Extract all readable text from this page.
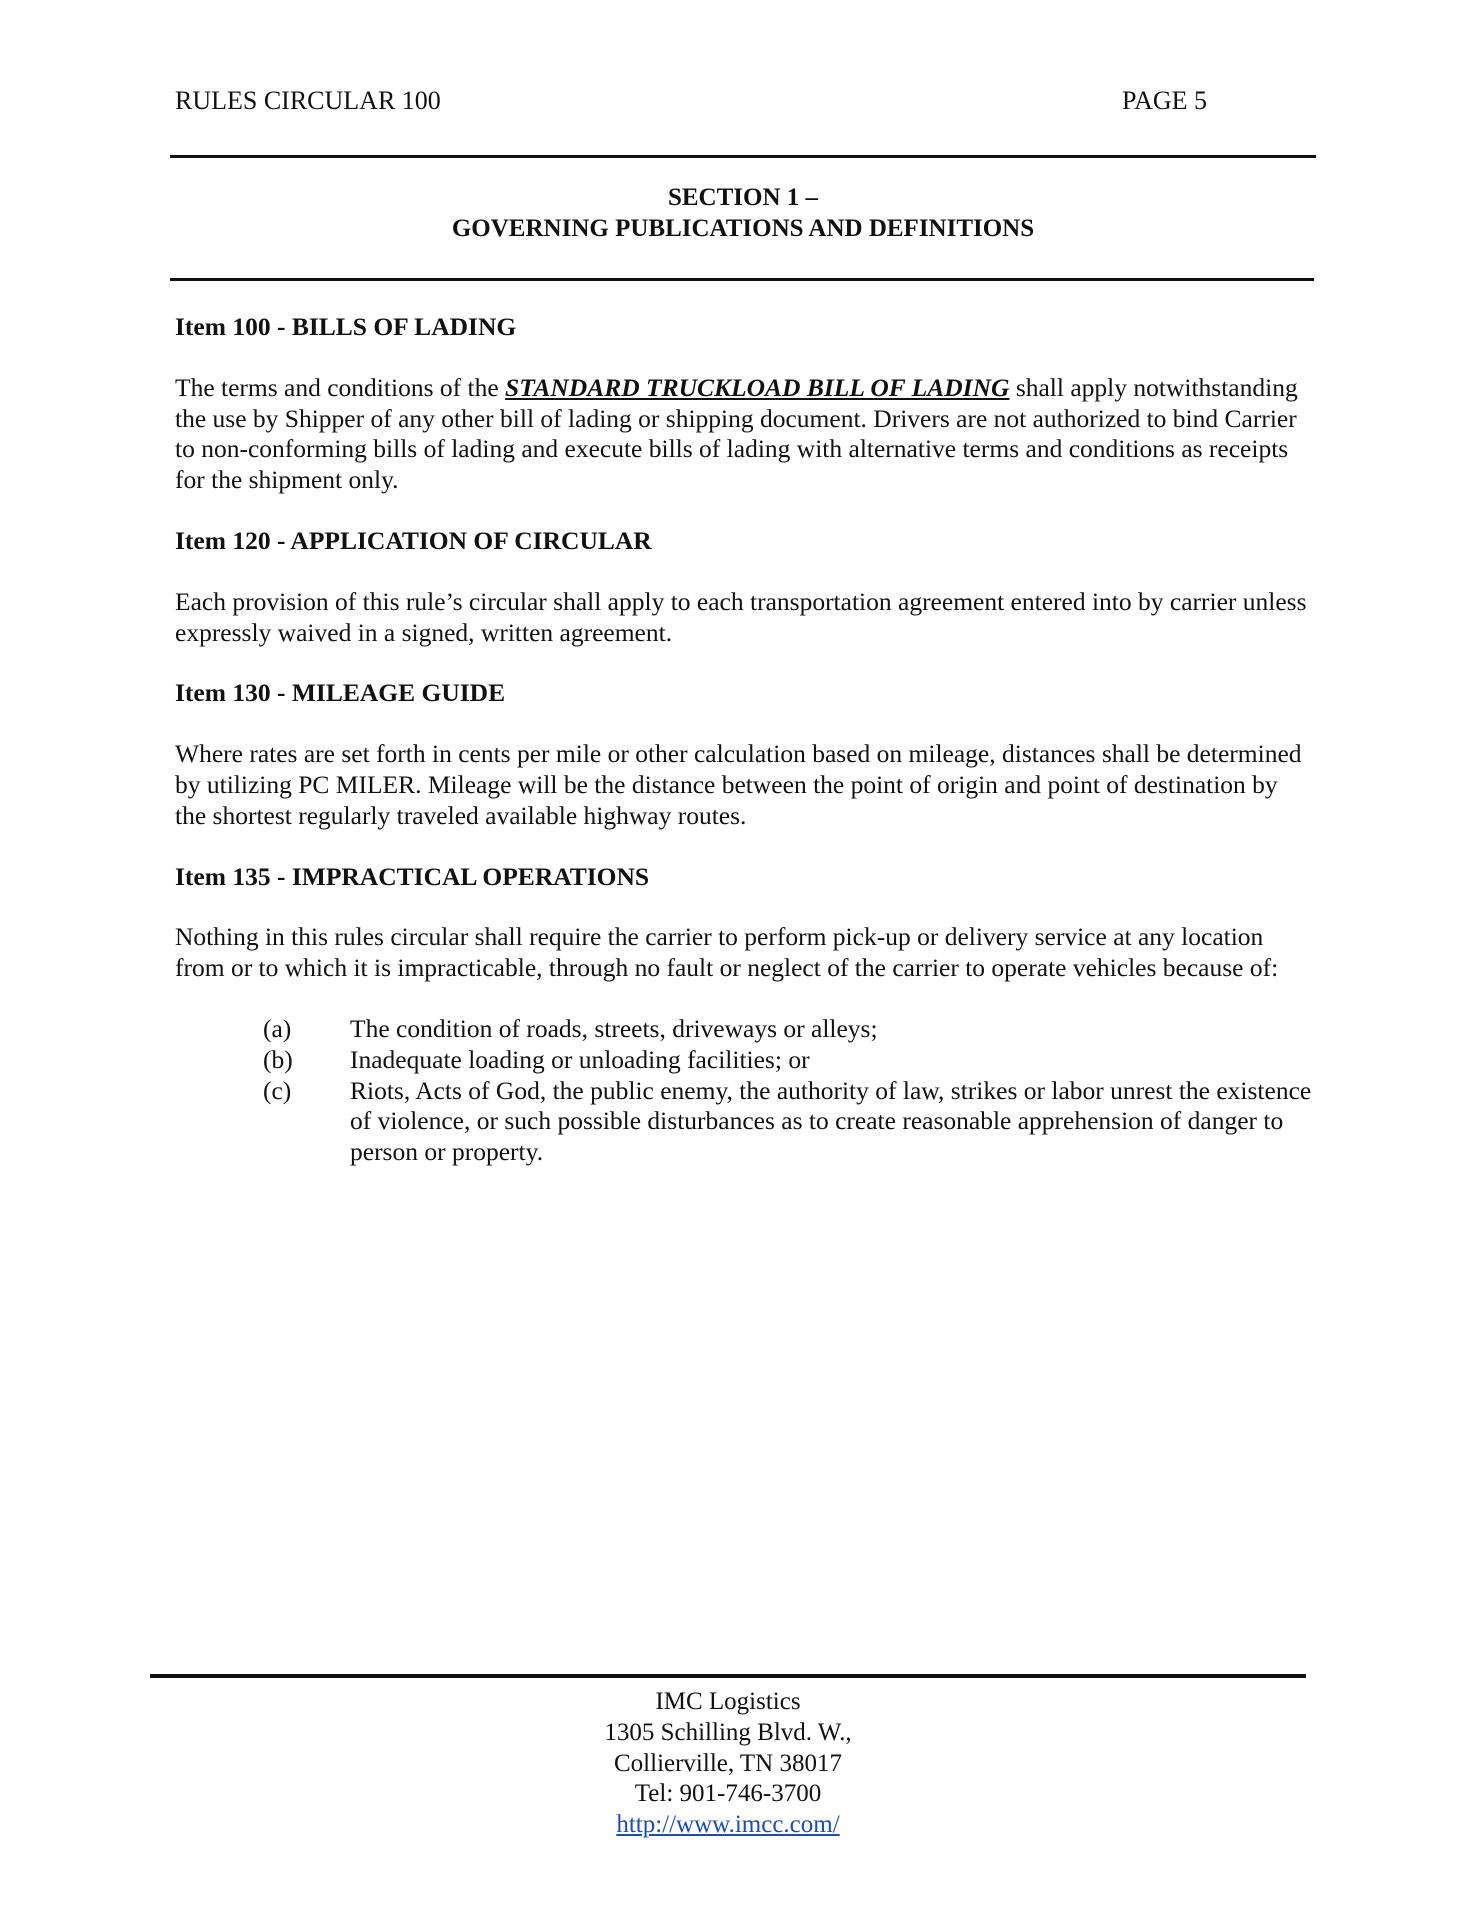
RULES CIRCULAR 100	PAGE 5
SECTION 1 –
GOVERNING PUBLICATIONS AND DEFINITIONS

Item 100 - BILLS OF LADING

The terms and conditions of the STANDARD TRUCKLOAD BILL OF LADING shall apply notwithstanding the use by Shipper of any other bill of lading or shipping document. Drivers are not authorized to bind Carrier to non-conforming bills of lading and execute bills of lading with alternative terms and conditions as receipts for the shipment only.

Item 120 - APPLICATION OF CIRCULAR

Each provision of this rule’s circular shall apply to each transportation agreement entered into by carrier unless expressly waived in a signed, written agreement.

Item 130 - MILEAGE GUIDE

Where rates are set forth in cents per mile or other calculation based on mileage, distances shall be determined by utilizing PC MILER. Mileage will be the distance between the point of origin and point of destination by the shortest regularly traveled available highway routes.

Item 135 - IMPRACTICAL OPERATIONS

Nothing in this rules circular shall require the carrier to perform pick-up or delivery service at any location from or to which it is impracticable, through no fault or neglect of the carrier to operate vehicles because of:

(a)	The condition of roads, streets, driveways or alleys;
(b)	Inadequate loading or unloading facilities; or
(c)	Riots, Acts of God, the public enemy, the authority of law, strikes or labor unrest the existence of violence, or such possible disturbances as to create reasonable apprehension of danger to person or property.
IMC Logistics
1305 Schilling Blvd. W.,
Collierville, TN 38017
Tel: 901-746-3700
http://www.imcc.com/
